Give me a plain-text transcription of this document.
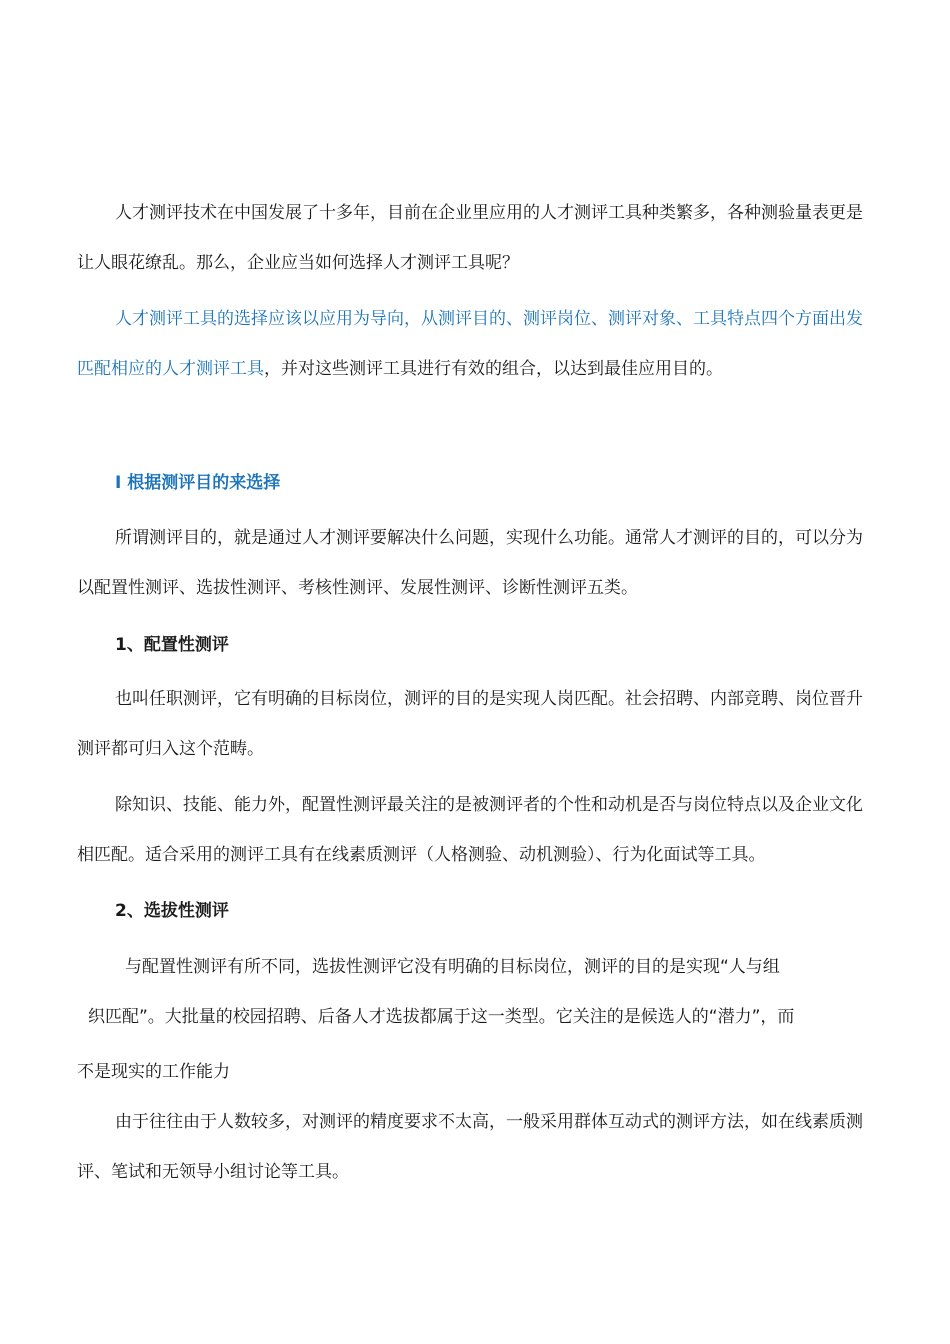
人才测评技术在中国发展了十多年，目前在企业里应用的人才测评工具种类繁多，各种测验量表更是让人眼花缭乱。那么，企业应当如何选择人才测评工具呢？

人才测评工具的选择应该以应用为导向，从测评目的、测评岗位、测评对象、工具特点四个方面出发匹配相应的人才测评工具，并对这些测评工具进行有效的组合，以达到最佳应用目的。

I 根据测评目的来选择

所谓测评目的，就是通过人才测评要解决什么问题，实现什么功能。通常人才测评的目的，可以分为以配置性测评、选拔性测评、考核性测评、发展性测评、诊断性测评五类。

1、配置性测评

也叫任职测评，它有明确的目标岗位，测评的目的是实现人岗匹配。社会招聘、内部竞聘、岗位晋升测评都可归入这个范畴。

除知识、技能、能力外，配置性测评最关注的是被测评者的个性和动机是否与岗位特点以及企业文化相匹配。适合采用的测评工具有在线素质测评（人格测验、动机测验）、行为化面试等工具。

2、选拔性测评

与配置性测评有所不同，选拔性测评它没有明确的目标岗位，测评的目的是实现“人与组

织匹配”。大批量的校园招聘、后备人才选拔都属于这一类型。它关注的是候选人的“潜力”，而

不是现实的工作能力

由于往往由于人数较多，对测评的精度要求不太高，一般采用群体互动式的测评方法，如在线素质测评、笔试和无领导小组讨论等工具。
